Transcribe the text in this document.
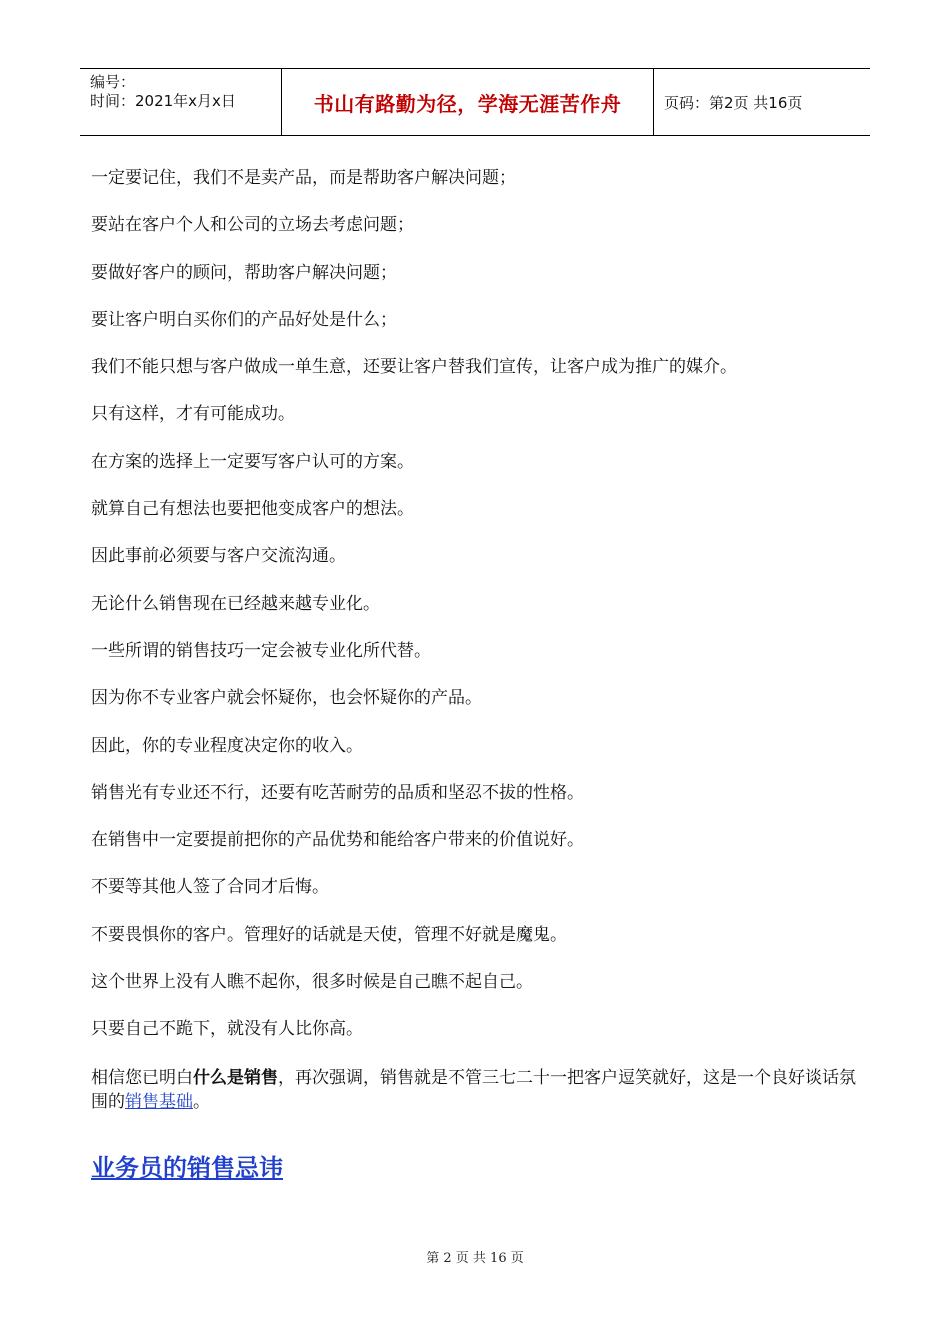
编号：
时间：2021年x月x日	书山有路勤为径，学海无涯苦作舟	页码：第2页 共16页
一定要记住，我们不是卖产品，而是帮助客户解决问题；
要站在客户个人和公司的立场去考虑问题；
要做好客户的顾问，帮助客户解决问题；
要让客户明白买你们的产品好处是什么；
我们不能只想与客户做成一单生意，还要让客户替我们宣传，让客户成为推广的媒介。
只有这样，才有可能成功。
在方案的选择上一定要写客户认可的方案。
就算自己有想法也要把他变成客户的想法。
因此事前必须要与客户交流沟通。
无论什么销售现在已经越来越专业化。
一些所谓的销售技巧一定会被专业化所代替。
因为你不专业客户就会怀疑你，也会怀疑你的产品。
因此，你的专业程度决定你的收入。
销售光有专业还不行，还要有吃苦耐劳的品质和坚忍不拔的性格。
在销售中一定要提前把你的产品优势和能给客户带来的价值说好。
不要等其他人签了合同才后悔。
不要畏惧你的客户。管理好的话就是天使，管理不好就是魔鬼。
这个世界上没有人瞧不起你，很多时候是自己瞧不起自己。
只要自己不跪下，就没有人比你高。

相信您已明白什么是销售，再次强调，销售就是不管三七二十一把客户逗笑就好，这是一个良好谈话氛围的销售基础。

业务员的销售忌讳
第 2 页 共 16 页
